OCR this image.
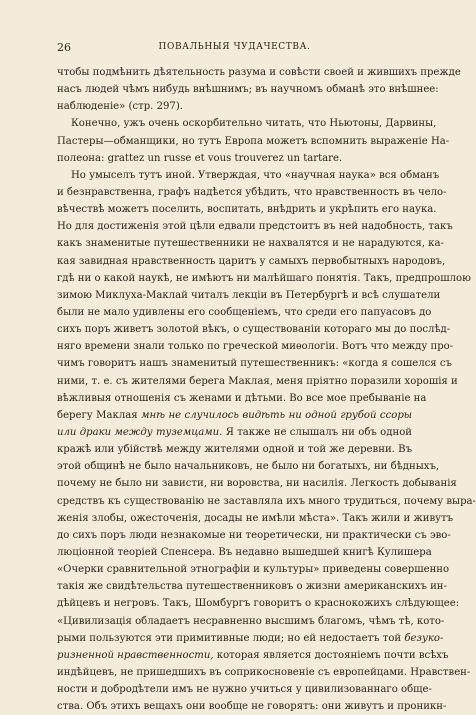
26	ПОВАЛЬНЫЯ ЧУДАЧЕСТВА.
чтобы подмѣнить дѣятельность разума и совѣсти своей и жившихъ прежде
насъ людей чѣмъ нибудь внѣшнимъ; въ научномъ обманѣ это внѣшнее:
наблюденіе» (стр. 297).
Конечно, ужъ очень оскорбительно читать, что Ньютоны, Дарвины,
Пастеры—обманщики, но тутъ Европа можетъ вспомнить выраженіе На-
полеона: grattez un russe et vous trouverez un tartare.
Но умыселъ тутъ иной. Утверждая, что «научная наука» вся обманъ
и безнравственна, графъ надѣется убѣдить, что нравственность въ чело-
вѣчествѣ можетъ поселить, воспитать, внѣдрить и укрѣпить его наука.
Но для достиженія этой цѣли едвали предстоитъ въ ней надобность, такъ
какъ знаменитые путешественники не нахвалятся и не нарадуются, ка-
кая завидная нравственность царитъ у самыхъ первобытныхъ народовъ,
гдѣ ни о какой наукѣ, не имѣютъ ни малѣйшаго понятія. Такъ, предпрошлою
зимою Миклуха-Маклай читалъ лекціи въ Петербургѣ и всѣ слушатели
были не мало удивлены его сообщеніемъ, что среди его папуасовъ до
сихъ поръ живетъ золотой вѣкъ, о существованіи котораго мы до послѣд-
няго времени знали только по греческой миѳологіи. Вотъ что между про-
чимъ говоритъ нашъ знаменитый путешественникъ: «когда я сошелся съ
ними, т. е. съ жителями берега Маклая, меня пріятно поразили хорошія и
вѣжливыя отношенія съ женами и дѣтьми. Во все мое пребываніе на
берегу Маклая мнѣ не случилось видѣть ни одной грубой ссоры
или драки между туземцами. Я также не слышалъ ни объ одной
кражѣ или убійствѣ между жителями одной и той же деревни. Въ
этой общинѣ не было начальниковъ, не было ни богатыхъ, ни бѣдныхъ,
почему не было ни зависти, ни воровства, ни насилія. Легкость добыванія
средствъ къ существованію не заставляла ихъ много трудиться, почему выра-
женія злобы, ожесточенія, досады не имѣли мѣста». Такъ жили и живутъ
до сихъ поръ люди незнакомые ни теоретически, ни практически съ эво-
люціонной теоріей Спенсера. Въ недавно вышедшей книгѣ Кулишера
«Очерки сравнительной этнографіи и культуры» приведены совершенно
такія же свидѣтельства путешественниковъ о жизни американскихъ ин-
дѣйцевъ и негровъ. Такъ, Шомбургъ говоритъ о краснокожихъ слѣдующее:
«Цивилизація обладаетъ несравненно высшимъ благомъ, чѣмъ тѣ, кото-
рыми пользуются эти примитивные люди; но ей недостаетъ той безуко-
ризненной нравственности, которая является достояніемъ почти всѣхъ
индѣйцевъ, не пришедшихъ въ соприкосновеніе съ европейцами. Нравствен-
ности и добродѣтели имъ не нужно учиться у цивилизованнаго обще-
ства. Объ этихъ вещахъ они вообще не говорятъ: они живутъ и проникн-
